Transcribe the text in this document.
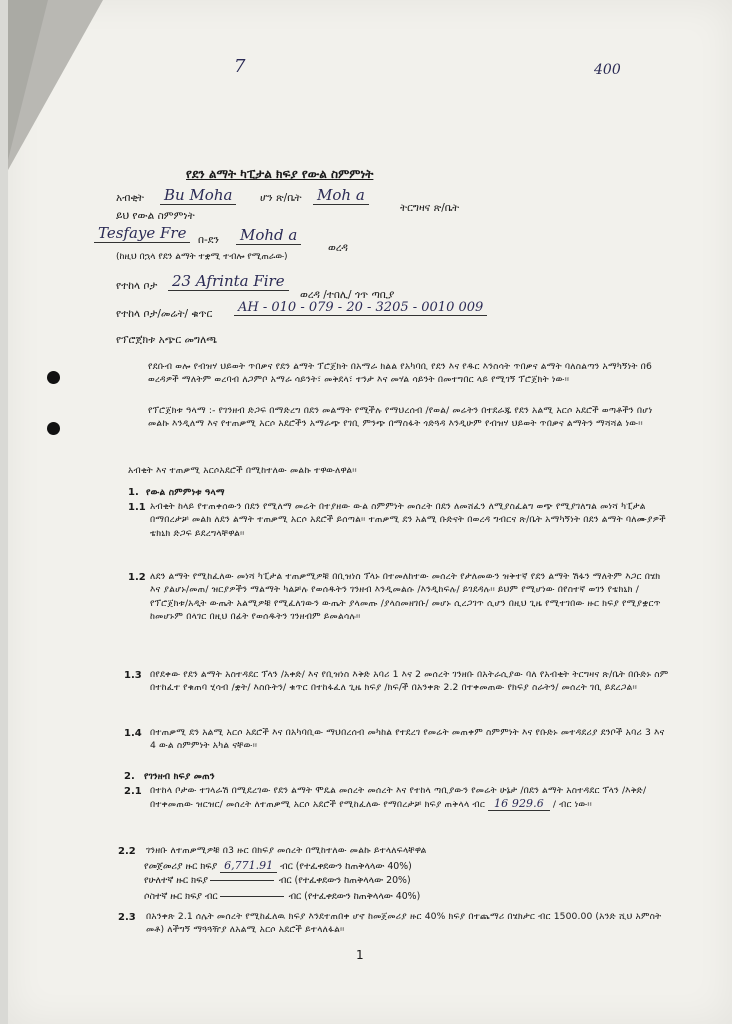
400
7
የደን ልማት ካፒታል ክፍያ የውል ስምምነት
አብቂት Bu Moha	ሆን ጽ/ቤት Moh a
ትርግዛና ጽ/ቤት
ይህ የውል ስምምነት
Tesfaye Fre	በ-ደን Mohd a
ወረዳ
(ከዚህ በኋላ የደን ልማት ተቋሚ ተብሎ የሚጠራው)
የተከላ ቦታ 23 Afrinta Fire
ወረዳ /ተበሊ/ ጎጥ ጣቢያ
የተከላ ቦታ/መሬት/ ቁጥር	AH - 010 - 079 - 20 - 3205 - 0010 009
የፕሮጀክቱ አጭር መግለጫ
የደቡብ ወሎ የብዝሃ ህይወት ጥበቃና የደን ልማት ፕሮጀክት በአማራ ክልል የአካባቢ የደን እና የዱር እንስሳት ጥበቃና ልማት ባለስልጣን አማካኝነት በ6 ወረዳዎች ማለትም ወረባብ ለጋምቦ አማራ ሳይንት፣ መቅደላ፣ ተንታ እና መሃል ሳይንት በመተግበር ላይ የሚገኝ ፕሮጀክት ነው፡፡
የፕሮጀክቱ ዓላማ :- የገንዘብ ድጋፍ በማድረግ በደን መልማት የሚችሉ የማህረሰብ /የወል/ መሬትን በተደራጁ የደን አልሚ አርሶ አደሮች ወጣቶችን በሆነ መልኩ እንዲለማ እና የተጠቃሚ አርሶ አደሮችን አማራጭ የገቢ ምንጭ በማስፋት ጎድጓዳ እንዲሁም የብዝሃ ህይወት ጥበቃና ልማትን ማሻሻል ነው፡፡
አብቂት እና ተጠቃሚ አርሶአደሮች በሚከተለው መልኩ ተዋውለዋል፡፡
1. የውል ስምምነቱ ዓላማ
1.1 አብቂት ከላይ የተጠቀሰውን በደን የሚለማ መሬት በተያዘው ውል ስምምነት መሰረት በደን ለመሸፈን ለሚያስፈልግ ወጭ የሚያገለግል መነሻ ካፒታል በማበረታቻ መልክ ለደን ልማት ተጠቃሚ አርሶ አደሮች ይሰጣል፡፡ ተጠቃሚ ደን አልሚ ቡድናት በወረዳ ግብርና ጽ/ቤት አማካኝነት በደን ልማት ባለሙያዎች ቴክኒክ ድጋፍ ይደረግላቸዋል፡፡
1.2 ለደን ልማት የሚከፈለው መነሻ ካፒታል ተጠቃሚዎቹ በቢዝነስ ፕላኑ በተመለከተው መሰረት የታለመውን ዝቅተኛ የደን ልማት ሽፋን ማለትም እጋር በሄክ እና ያልሆኑ/መጠ/ ዝርያዎችን ማልማት ካልቻሉ የወሰዱትን ገንዘብ እንዲመልሱ /እንዲከፍሉ/ ይገደዳሉ፡፡ ይህም የሚሆነው በየስተኛ ወገን የቴክኒክ /የፕሮጀክቱ/አዲት ውጤት አልሚዎቹ የሚፈለገውን ውጤት ያላመጡ /ያላስመዘገቡ/ መሆኑ ሲረጋገጥ ሲሆን በዚህ ጊዜ የሚተገበው ዙር ክፍያ የሚያቋርጥ ከመሆኑም በላገር በዚህ በፊት የወሰዱትን ገንዘብም ይመልሳሉ፡፡
1.3 በየደቀው የደን ልማት አስተዳደር ፕላን /አቀድ/ እና የቢዝነስ እቅድ አባሪ 1 እና 2 መሰረት ገንዘቡ በአትራሲያው ባለ የአብቂት ትርግዛና ጽ/ቤት በቡድኑ ስም በተከፈተ የቁጠባ ሂሳብ /ቋት/ እስቡትን/ ቁጥር በተከፋፈለ ጊዜ ክፍያ /ክፍ/ች በአንቀጽ 2.2 በተቀመጠው የክፍያ ስራትን/ መሰረት ገቢ ይደረጋል፡፡
1.4 በተጠቃሚ ደን አልሚ አርሶ አደሮች እና በአካባቢው ማህበረሰብ መካከል የተደረገ የመሬት መጠቀም ስምምነት እና የቡድኑ መተዳደሪያ ደንቦች አባሪ 3 እና 4 ውል ስምምነት አካል ናቸው፡፡
2. የገንዘብ ክፍያ መጠን
2.1 በተከላ ቦታው ተገላራሽ በሚደረገው የደን ልማት ሞዴል መሰረት መሰረት እና የተከላ ጣቢያውን የመሬት ሁኔታ /በደን ልማት አስተዳደር ፕላን /እቅድ/ በተቀመጠው ዝርዝር/ መሰረት ለተጠቃሚ አርሶ አደሮች የሚከፈለው የማበረታቻ ክፍያ ጠቅላላ ብር 16 929.6 / ብር ነው፡፡
2.2 ገንዘቡ ለተጠቃሚዎቹ በ3 ዙር በክፍያ መሰረት በሚከተለው መልኩ ይተላለፍላቸዋል
የመጀመሪያ ዙር ክፍያ 6,771.91 ብር (የተፈቀደውን ከጠቅላላው 40%)
የሁለተኛ ዙር ክፍያ	ብር (የተፈቀደውን ከጠቅላላው 20%)
ሶስተኛ ዙር ክፍያ ብር	ብር (የተፈቀደውን ከጠቅላላው 40%)
2.3 በአንቀጽ 2.1 ሰሌት መሰረት የሚከፈለዉ ክፍያ እንደተጠበቀ ሆኖ ከመጀመሪያ ዙር 40% ክፍያ በተጨማሪ በሄክታር ብር 1500.00 (አንድ ሺህ አምስት መቶ) ለችግኝ ማጓጓዥያ ለአልሚ አርሶ አደሮች ይተላለፋል፡፡
1
